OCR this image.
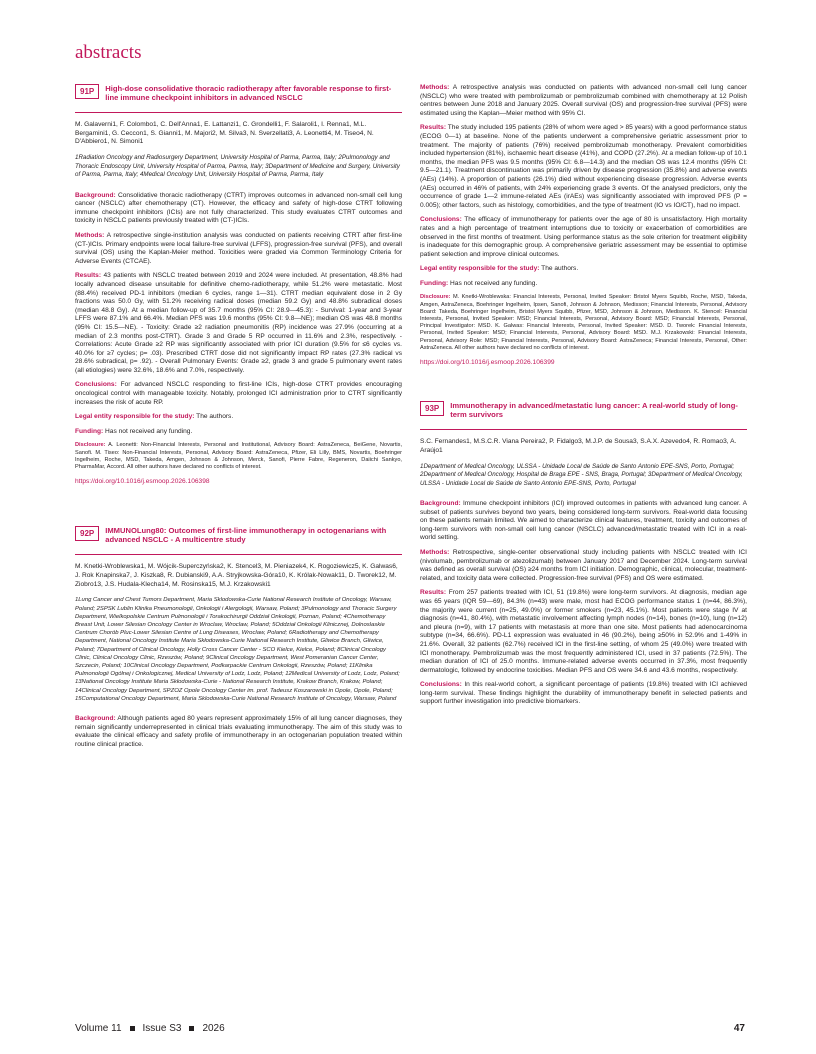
abstracts
91P	High-dose consolidative thoracic radiotherapy after favorable response to first-line immune checkpoint inhibitors in advanced NSCLC
M. Galaverni1, F. Colombo1, C. Dell'Anna1, E. Lattanzi1, C. Grondelli1, F. Salaroli1, I. Renna1, M.L. Bergamini1, G. Ceccon1, S. Gianni1, M. Majori2, M. Silva3, N. Sverzellati3, A. Leonetti4, M. Tiseo4, N. D'Abbiero1, N. Simoni1
1Radiation Oncology and Radiosurgery Department, University Hospital of Parma, Parma, Italy; 2Pulmonology and Thoracic Endoscopy Unit, University Hospital of Parma, Parma, Italy; 3Department of Medicine and Surgery, University of Parma, Parma, Italy; 4Medical Oncology Unit, University Hospital of Parma, Parma, Italy

Background: Consolidative thoracic radiotherapy (CTRT) improves outcomes in advanced non-small cell lung cancer (NSCLC) after chemotherapy (CT). However, the efficacy and safety of high-dose CTRT following immune checkpoint inhibitors (ICIs) are not fully characterized. This study evaluates CTRT outcomes and toxicity in NSCLC patients previously treated with (CT-)ICIs.

Methods: A retrospective single-institution analysis was conducted on patients receiving CTRT after first-line (CT-)ICIs. Primary endpoints were local failure-free survival (LFFS), progression-free survival (PFS), and overall survival (OS) using the Kaplan-Meier method. Toxicities were graded via Common Terminology Criteria for Adverse Events (CTCAE).

Results: 43 patients with NSCLC treated between 2019 and 2024 were included. At presentation, 48.8% had locally advanced disease unsuitable for definitive chemo-radiotherapy, while 51.2% were metastatic. Most (88.4%) received PD-1 inhibitors (median 6 cycles, range 1—31). CTRT median equivalent dose in 2 Gy fractions was 50.0 Gy, with 51.2% receiving radical doses (median 59.2 Gy) and 48.8% subradical doses (median 48.8 Gy). At a median follow-up of 35.7 months (95% CI: 28.9—45.3): - Survival: 1-year and 3-year LFFS were 87.1% and 66.4%. Median PFS was 19.6 months (95% CI: 9.8—NE); median OS was 48.8 months (95% CI: 15.5—NE). - Toxicity: Grade ≥2 radiation pneumonitis (RP) incidence was 27.9% (occurring at a median of 2.3 months post-CTRT). Grade 3 and Grade 5 RP occurred in 11.6% and 2.3%, respectively. - Correlations: Acute Grade ≥2 RP was significantly associated with prior ICI duration (9.5% for ≤6 cycles vs. 40.0% for ≥7 cycles; p= .03). Prescribed CTRT dose did not significantly impact RP rates (27.3% radical vs 28.6% subradical, p= .92). - Overall Pulmonary Events: Grade ≥2, grade 3 and grade 5 pulmonary event rates (all etiologies) were 32.6%, 18.6% and 7.0%, respectively.

Conclusions: For advanced NSCLC responding to first-line ICIs, high-dose CTRT provides encouraging oncological control with manageable toxicity. Notably, prolonged ICI administration prior to CTRT significantly increases the risk of acute RP.

Legal entity responsible for the study: The authors.

Funding: Has not received any funding.

Disclosure: A. Leonetti: Non-Financial Interests, Personal and Institutional, Advisory Board: AstraZeneca, BeiGene, Novartis, Sanofi. M. Tiseo: Non-Financial Interests, Personal, Advisory Board: AstraZeneca, Pfizer, Eli Lilly, BMS, Novartis, Boehringer Ingelheim, Roche, MSD, Takeda, Amgen, Johnson & Johnson, Merck, Sanofi, Pierre Fabre, Regeneron, Daiichi Sankyo, PharmaMar, Accord. All other authors have declared no conflicts of interest.

https://doi.org/10.1016/j.esmoop.2026.106398

92P	IMMUNOLung80: Outcomes of first-line immunotherapy in octogenarians with advanced NSCLC - A multicentre study
M. Knetki-Wroblewska1, M. Wójcik-Superczyńska2, K. Stencel3, M. Pieniazek4, K. Rogoziewicz5, K. Galwas6, J. Rok Knapinska7, J. Kiszka8, R. Dubianski9, A.A. Stryjkowska-Góra10, K. Królak-Nowak11, D. Tworek12, M. Ziobro13, J.S. Hudala-Klecha14, M. Rosinska15, M.J. Krzakowski1
1Lung Cancer and Chest Tumors Department, Maria Sklodowska-Curie National Research Institute of Oncology, Warsaw, Poland; 2SPSK Lublin Klinika Pneumonologii, Onkologii i Alergologii, Warsaw, Poland; 3Pulmonology and Thoracic Surgery Department, Wielkopolskie Centrum Pulmonologii i Torakochirurgii Oddział Onkologii, Poznan, Poland; 4Chemotherapy Breast Unit, Lower Silesian Oncology Center in Wroclaw, Wroclaw, Poland; 5Oddział Onkologii Klinicznej, Dolnoslaskie Centrum Chorób Pluc-Lower Silesian Centre of Lung Diseases, Wroclaw, Poland; 6Radiotherapy and Chemotherapy Department, National Oncology Institute Maria Skłodowska-Curie National Research Institute, Gliwice Branch, Gliwice, Poland; 7Department of Clinical Oncology, Holly Cross Cancer Center - SCO Kielce, Kielce, Poland; 8Clinical Oncology Clinic, Clinical Oncology Clinic, Rzeszów, Poland; 9Clinical Oncology Department, West Pomeranian Cancer Center, Szczecin, Poland; 10Clinical Oncology Department, Podkarpackie Centrum Onkologii, Rzeszów, Poland; 11Klinika Pulmonologii Ogólnej i Onkologicznej, Medical University of Lodz, Lodz, Poland; 12Medical University of Lodz, Lodz, Poland; 13National Oncology Institute Maria Skłodowska-Curie - National Research Institute, Krakow Branch, Krakow, Poland; 14Clinical Oncology Department, SPZOZ Opole Oncology Center im. prof. Tadeusz Koszarowski in Opole, Opole, Poland; 15Computational Oncology Department, Maria Sklodowska-Curie National Research Institute of Oncology, Warsaw, Poland

Background: Although patients aged 80 years represent approximately 15% of all lung cancer diagnoses, they remain significantly underrepresented in clinical trials evaluating immunotherapy. The aim of this study was to evaluate the clinical efficacy and safety profile of immunotherapy in an octogenarian population treated within routine clinical practice.

Methods: A retrospective analysis was conducted on patients with advanced non-small cell lung cancer (NSCLC) who were treated with pembrolizumab or pembrolizumab combined with chemotherapy at 12 Polish centres between June 2018 and January 2025. Overall survival (OS) and progression-free survival (PFS) were estimated using the Kaplan—Meier method with 95% CI.

Results: The study included 195 patients (28% of whom were aged > 85 years) with a good performance status (ECOG 0—1) at baseline. None of the patients underwent a comprehensive geriatric assessment prior to treatment. The majority of patients (76%) received pembrolizumab monotherapy. Prevalent comorbidities included hypertension (81%), ischaemic heart disease (41%), and COPD (27.2%). At a median follow-up of 10.1 months, the median PFS was 9.5 months (95% CI: 6.8—14.3) and the median OS was 12.4 months (95% CI: 9.5—21.1). Treatment discontinuation was primarily driven by disease progression (35.8%) and adverse events (AEs) (14%). A proportion of patients (26.1%) died without experiencing disease progression. Adverse events (AEs) occurred in 46% of patients, with 24% experiencing grade 3 events. Of the analysed predictors, only the occurrence of grade 1—2 immune-related AEs (irAEs) was significantly associated with improved PFS (P = 0.005); other factors, such as histology, comorbidities, and the type of treatment (IO vs IO/CT), had no impact.

Conclusions: The efficacy of immunotherapy for patients over the age of 80 is unsatisfactory. High mortality rates and a high percentage of treatment interruptions due to toxicity or exacerbation of comorbidities are observed in the first months of treatment. Using performance status as the sole criterion for treatment eligibility is inadequate for this demographic group. A comprehensive geriatric assessment may be essential to optimise patient selection and improve clinical outcomes.

Legal entity responsible for the study: The authors.

Funding: Has not received any funding.

Disclosure: M. Knetki-Wroblewska: Financial Interests, Personal, Invited Speaker: Bristol Myers Squibb, Roche, MSD, Takeda, Amgen, AstraZeneca, Boehringer Ingelheim, Ipsen, Sanofi, Johnson & Johnson, Medisson; Financial Interests, Personal, Advisory Board: Takeda, Boehringer Ingelheim, Bristol Myers Squibb, Pfizer, MSD, Johnson & Johnson, Medisson. K. Stencel: Financial Interests, Personal, Invited Speaker: MSD; Financial Interests, Personal, Advisory Board: MSD; Financial Interests, Personal, Principal Investigator: MSD. K. Galwas: Financial Interests, Personal, Invited Speaker: MSD. D. Tworek: Financial Interests, Personal, Invited Speaker: MSD; Financial Interests, Personal, Advisory Board: MSD. M.J. Krzakowski: Financial Interests, Personal, Advisory Role: MSD; Financial Interests, Personal, Advisory Board: AstraZeneca; Financial Interests, Personal, Other: AstraZeneca. All other authors have declared no conflicts of interest.

https://doi.org/10.1016/j.esmoop.2026.106399

93P	Immunotherapy in advanced/metastatic lung cancer: A real-world study of long-term survivors
S.C. Fernandes1, M.S.C.R. Viana Pereira2, P. Fidalgo3, M.J.P. de Sousa3, S.A.X. Azevedo4, R. Romao3, A. Araújo1
1Department of Medical Oncology, ULSSA - Unidade Local de Saúde de Santo Antonio EPE-SNS, Porto, Portugal; 2Department of Medical Oncology, Hospital de Braga EPE - SNS, Braga, Portugal; 3Department of Medical Oncology, ULSSA - Unidade Local de Saúde de Santo Antonio EPE-SNS, Porto, Portugal

Background: Immune checkpoint inhibitors (ICI) improved outcomes in patients with advanced lung cancer. A subset of patients survives beyond two years, being considered long-term survivors. Real-world data focusing on these patients remain limited. We aimed to characterize clinical features, treatment, toxicity and outcomes of long-term survivors with non-small cell lung cancer (NSCLC) advanced/metastatic treated with ICI in a real-world setting.

Methods: Retrospective, single-center observational study including patients with NSCLC treated with ICI (nivolumab, pembrolizumab or atezolizumab) between January 2017 and December 2024. Long-term survival was defined as overall survival (OS) ≥24 months from ICI initiation. Demographic, clinical, molecular, treatment-related, and toxicity data were collected. Progression-free survival (PFS) and OS were estimated.

Results: From 257 patients treated with ICI, 51 (19.8%) were long-term survivors. At diagnosis, median age was 65 years (IQR 59—69), 84.3% (n=43) were male, most had ECOG performance status 1 (n=44, 86.3%), the majority were current (n=25, 49.0%) or former smokers (n=23, 45.1%). Most patients were stage IV at diagnosis (n=41, 80.4%), with metastatic involvement affecting lymph nodes (n=14), bones (n=10), lung (n=12) and pleura (n=9), with 17 patients with metastasis at more than one site. Most patients had adenocarcinoma subtype (n=34, 66.6%). PD-L1 expression was evaluated in 46 (90.2%), being ≥50% in 52.9% and 1-49% in 21.6%. Overall, 32 patients (62.7%) received ICI in the first-line setting, of whom 25 (49.0%) were treated with ICI monotherapy. Pembrolizumab was the most frequently administered ICI, used in 37 patients (72.5%). The median duration of ICI of 25.0 months. Immune-related adverse events occurred in 37.3%, most frequently dermatologic, followed by endocrine toxicities. Median PFS and OS were 34.6 and 43.6 months, respectively.

Conclusions: In this real-world cohort, a significant percentage of patients (19.8%) treated with ICI achieved long-term survival. These findings highlight the durability of immunotherapy benefit in selected patients and support further investigation into predictive biomarkers.

Volume 11 Issue S3 2026	47
